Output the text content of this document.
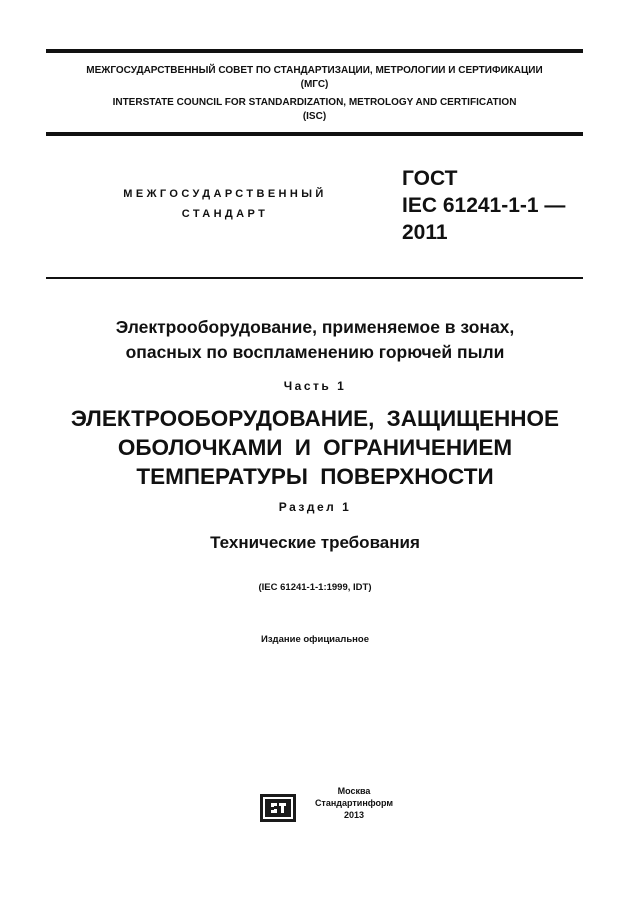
МЕЖГОСУДАРСТВЕННЫЙ СОВЕТ ПО СТАНДАРТИЗАЦИИ, МЕТРОЛОГИИ И СЕРТИФИКАЦИИ
(МГС)
INTERSTATE COUNCIL FOR STANDARDIZATION, METROLOGY AND CERTIFICATION
(ISC)
МЕЖГОСУДАРСТВЕННЫЙ
СТАНДАРТ
ГОСТ
IEC 61241-1-1 —
2011
Электрооборудование, применяемое в зонах,
опасных по воспламенению горючей пыли
Часть 1
ЭЛЕКТРООБОРУДОВАНИЕ, ЗАЩИЩЕННОЕ
ОБОЛОЧКАМИ И ОГРАНИЧЕНИЕМ
ТЕМПЕРАТУРЫ ПОВЕРХНОСТИ
Раздел 1
Технические требования
(IEC 61241-1-1:1999, IDT)
Издание официальное
Москва
Стандартинформ
2013
